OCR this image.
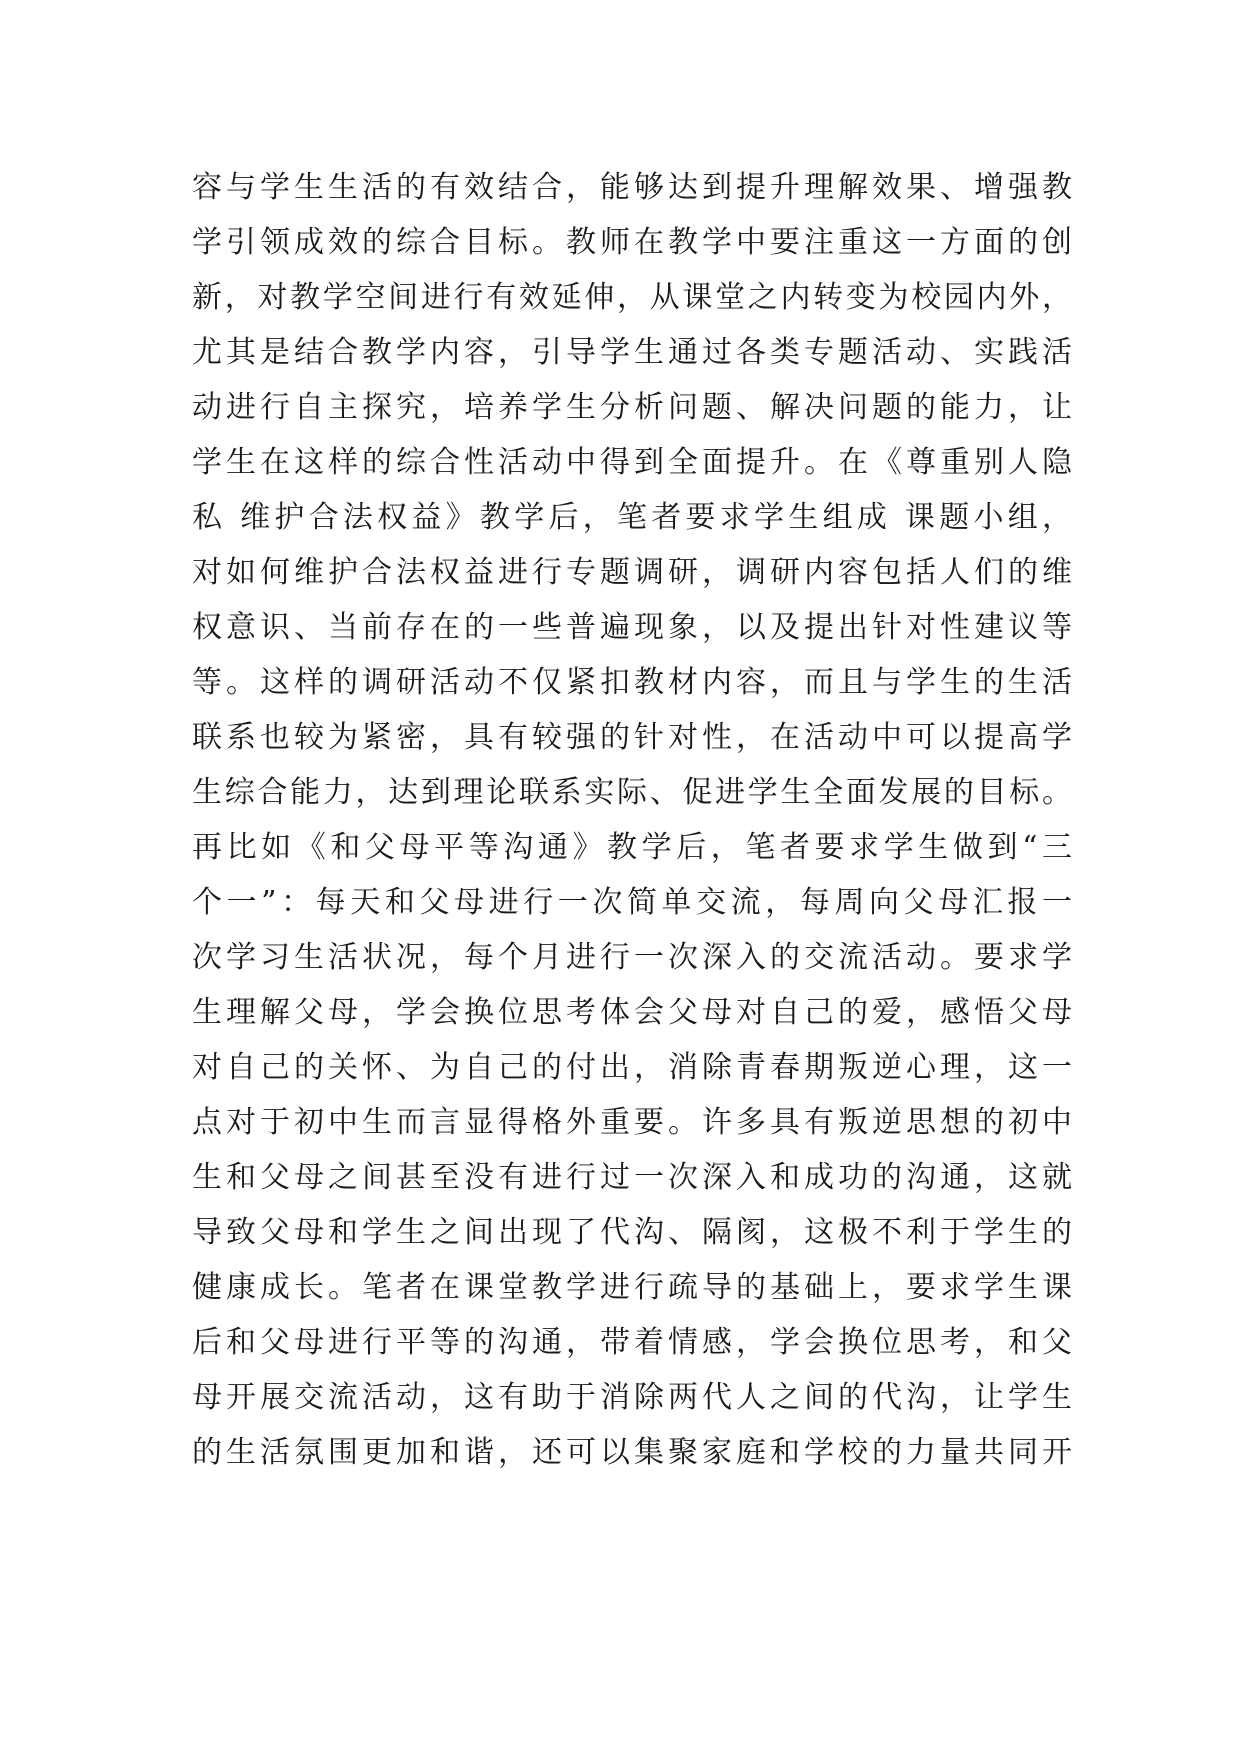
容与学生生活的有效结合，能够达到提升理解效果、增强教
学引领成效的综合目标。教师在教学中要注重这一方面的创
新，对教学空间进行有效延伸，从课堂之内转变为校园内外，
尤其是结合教学内容，引导学生通过各类专题活动、实践活
动进行自主探究，培养学生分析问题、解决问题的能力，让
学生在这样的综合性活动中得到全面提升。在《尊重别人隐
私 维护合法权益》教学后，笔者要求学生组成 课题小组，
对如何维护合法权益进行专题调研，调研内容包括人们的维
权意识、当前存在的一些普遍现象，以及提出针对性建议等
等。这样的调研活动不仅紧扣教材内容，而且与学生的生活
联系也较为紧密，具有较强的针对性，在活动中可以提高学
生综合能力，达到理论联系实际、促进学生全面发展的目标。
再比如《和父母平等沟通》教学后，笔者要求学生做到“三
个一”：每天和父母进行一次简单交流，每周向父母汇报一
次学习生活状况，每个月进行一次深入的交流活动。要求学
生理解父母，学会换位思考体会父母对自己的爱，感悟父母
对自己的关怀、为自己的付出，消除青春期叛逆心理，这一
点对于初中生而言显得格外重要。许多具有叛逆思想的初中
生和父母之间甚至没有进行过一次深入和成功的沟通，这就
导致父母和学生之间出现了代沟、隔阂，这极不利于学生的
健康成长。笔者在课堂教学进行疏导的基础上，要求学生课
后和父母进行平等的沟通，带着情感，学会换位思考，和父
母开展交流活动，这有助于消除两代人之间的代沟，让学生
的生活氛围更加和谐，还可以集聚家庭和学校的力量共同开
